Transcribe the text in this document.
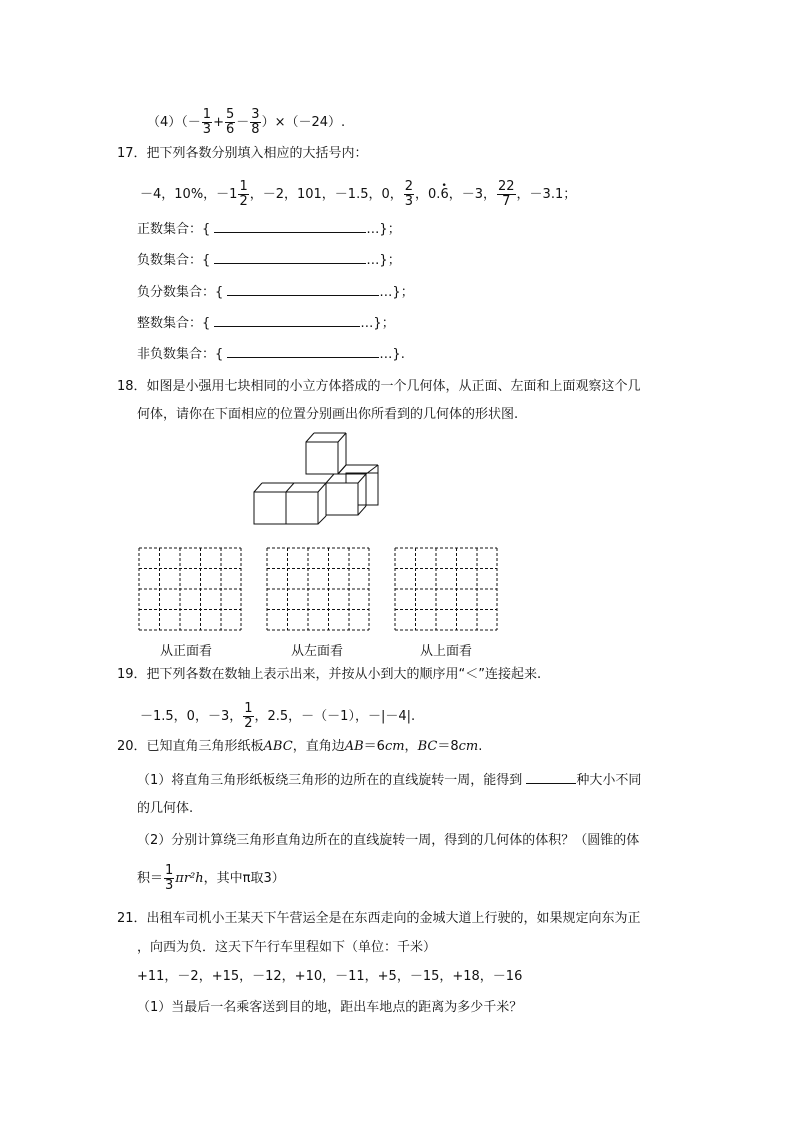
$(4)(- \frac{1}{3} + \frac{5}{6} - \frac{3}{8} )\times(-24)$.
17．把下列各数分别填入相应的大括号内：
－4，10%，$-1 \frac{1}{2}$ ，－2，101，－1.5，0， $\frac{2}{3}$ ，0.• 6，－3， $\frac{22}{7}$ ，－3.1；
正数集合：{	…}；
负数集合：{	…}；
负分数集合：{	…}；
整数集合：{	…}；
非负数集合：{	…}.
18．如图是小强用七块相同的小立方体搭成的一个几何体，从正面、左面和上面观察这个几
何体，请你在下面相应的位置分别画出你所看到的几何体的形状图.
从正面看	从左面看	从上面看
19．把下列各数在数轴上表示出来，并按从小到大的顺序用“＜”连接起来.
－1.5，0，－3， $\frac{1}{2}$ ，2.5，－（－1），－|－4|.
20．已知直角三角形纸板ABC，直角边AB＝6cm，BC＝8cm.
（1）将直角三角形纸板绕三角形的边所在的直线旋转一周，能得到	种大小不同
的几何体.
（2）分别计算绕三角形直角边所在的直线旋转一周，得到的几何体的体积？（圆锥的体
积＝ $\frac{1}{3} \pi r^2h$，其中π取3）
21．出租车司机小王某天下午营运全是在东西走向的金城大道上行驶的，如果规定向东为正
，向西为负．这天下午行车里程如下（单位：千米）
+11，－2，+15，－12，+10，－11，+5，－15，+18，－16
（1）当最后一名乘客送到目的地，距出车地点的距离为多少千米？
